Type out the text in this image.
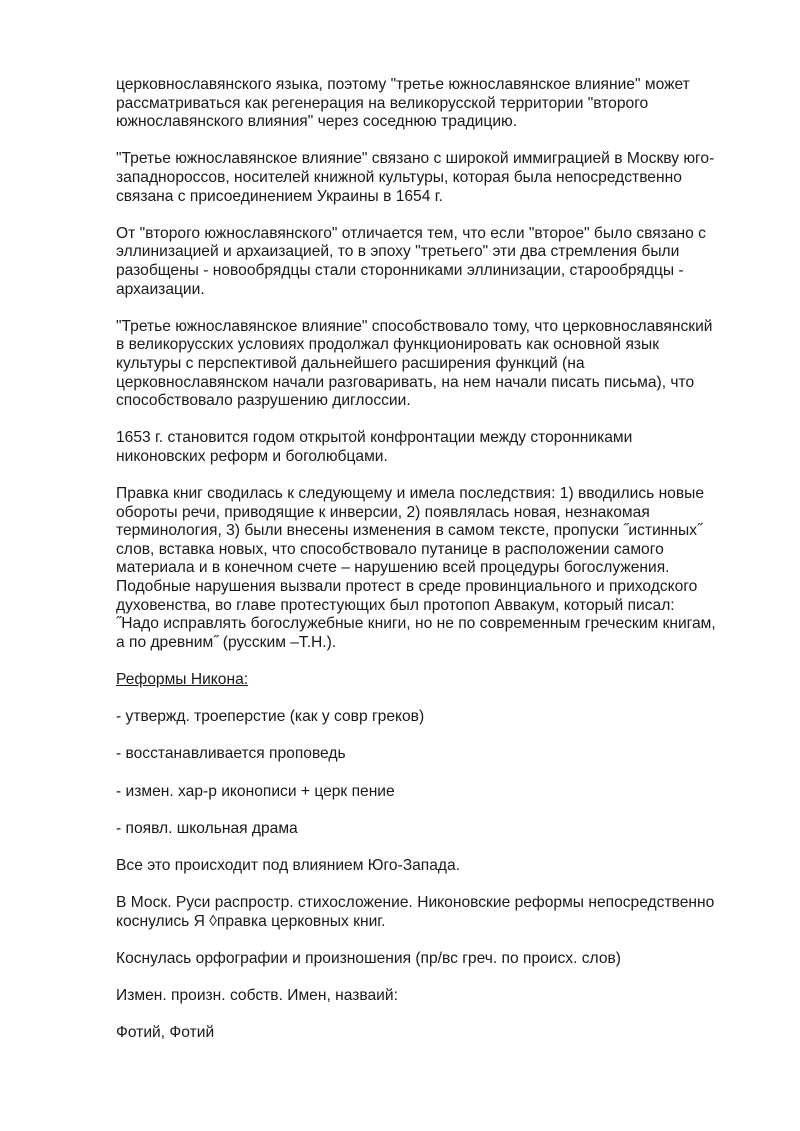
церковнославянского языка, поэтому "третье южнославянское влияние" может
рассматриваться как регенерация на великорусской территории "второго
южнославянского влияния" через соседнюю традицию.

"Третье южнославянское влияние" связано с широкой иммиграцией в Москву юго-
западнороссов, носителей книжной культуры, которая была непосредственно
связана с присоединением Украины в 1654 г.

От "второго южнославянского" отличается тем, что если "второе" было связано с
эллинизацией и архаизацией, то в эпоху "третьего" эти два стремления были
разобщены - новообрядцы стали сторонниками эллинизации, старообрядцы -
архаизации.

"Третье южнославянское влияние" способствовало тому, что церковнославянский
в великорусских условиях продолжал функционировать как основной язык
культуры с перспективой дальнейшего расширения функций (на
церковнославянском начали разговаривать, на нем начали писать письма), что
способствовало разрушению диглоссии.

1653 г. становится годом открытой конфронтации между сторонниками
никоновских реформ и боголюбцами.

Правка книг сводилась к следующему и имела последствия: 1) вводились новые
обороты речи, приводящие к инверсии, 2) появлялась новая, незнакомая
терминология, 3) были внесены изменения в самом тексте, пропуски ˝истинных˝
слов, вставка новых, что способствовало путанице в расположении самого
материала и в конечном счете – нарушению всей процедуры богослужения.
Подобные нарушения вызвали протест в среде провинциального и приходского
духовенства, во главе протестующих был протопоп Аввакум, который писал:
˝Надо исправлять богослужебные книги, но не по современным греческим книгам,
а по древним˝ (русским –Т.Н.).

Реформы Никона:

- утвержд. троеперстие (как у совр греков)

- восстанавливается проповедь

- измен. хар-р иконописи + церк пение

- появл. школьная драма

Все это происходит под влиянием Юго-Запада.

В Моск. Руси распростр. стихосложение. Никоновские реформы непосредственно
коснулись Я ◊правка церковных книг.

Коснулась орфографии и произношения (пр/вс греч. по происх. слов)

Измен. произн. собств. Имен, назваий:

Фотий, Фотий
